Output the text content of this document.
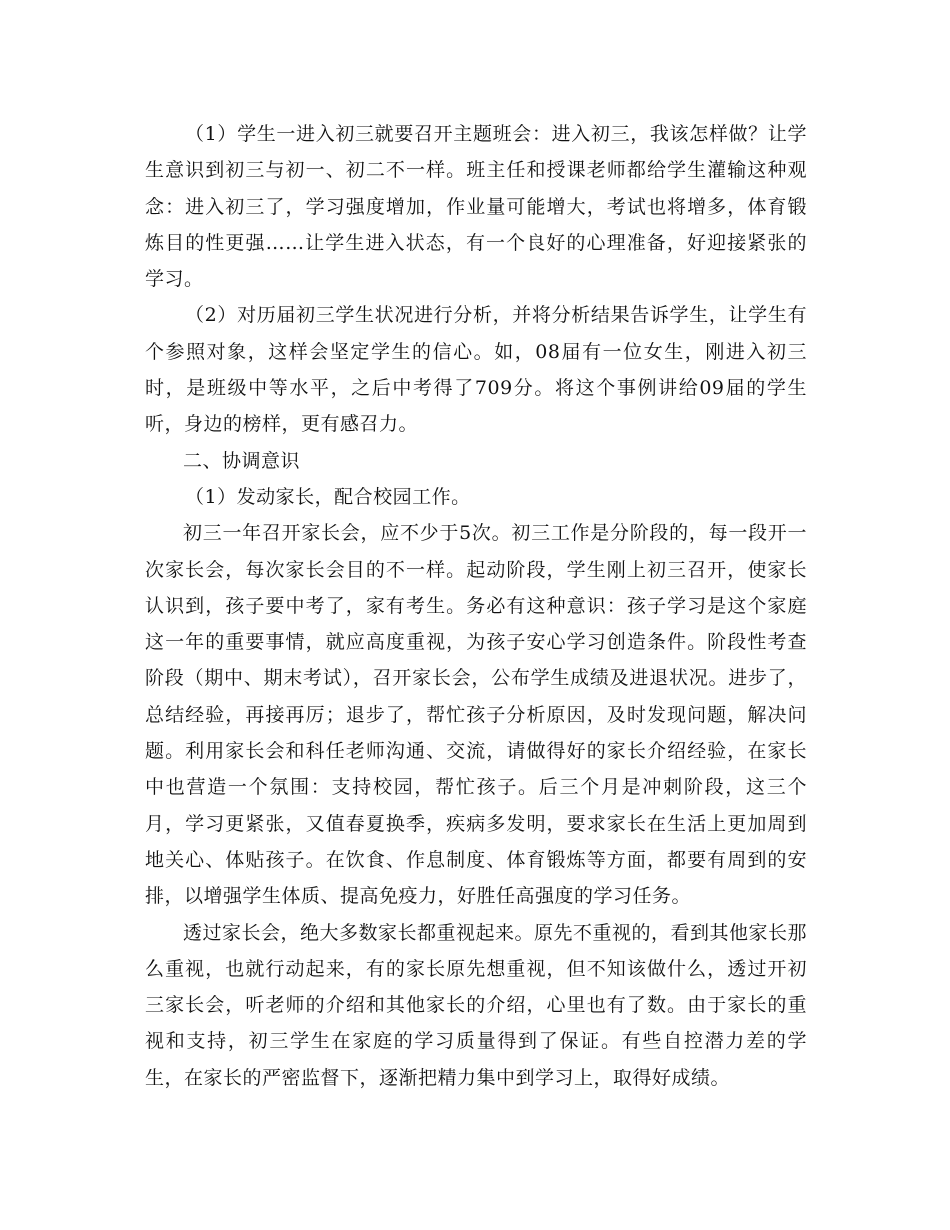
（1）学生一进入初三就要召开主题班会：进入初三，我该怎样做？让学生意识到初三与初一、初二不一样。班主任和授课老师都给学生灌输这种观念：进入初三了，学习强度增加，作业量可能增大，考试也将增多，体育锻炼目的性更强……让学生进入状态，有一个良好的心理准备，好迎接紧张的学习。

（2）对历届初三学生状况进行分析，并将分析结果告诉学生，让学生有个参照对象，这样会坚定学生的信心。如，08届有一位女生，刚进入初三时，是班级中等水平，之后中考得了709分。将这个事例讲给09届的学生听，身边的榜样，更有感召力。

二、协调意识

（1）发动家长，配合校园工作。

初三一年召开家长会，应不少于5次。初三工作是分阶段的，每一段开一次家长会，每次家长会目的不一样。起动阶段，学生刚上初三召开，使家长认识到，孩子要中考了，家有考生。务必有这种意识：孩子学习是这个家庭这一年的重要事情，就应高度重视，为孩子安心学习创造条件。阶段性考查阶段（期中、期末考试），召开家长会，公布学生成绩及进退状况。进步了，总结经验，再接再厉；退步了，帮忙孩子分析原因，及时发现问题，解决问题。利用家长会和科任老师沟通、交流，请做得好的家长介绍经验，在家长中也营造一个氛围：支持校园，帮忙孩子。后三个月是冲刺阶段，这三个月，学习更紧张，又值春夏换季，疾病多发明，要求家长在生活上更加周到地关心、体贴孩子。在饮食、作息制度、体育锻炼等方面，都要有周到的安排，以增强学生体质、提高免疫力，好胜任高强度的学习任务。

透过家长会，绝大多数家长都重视起来。原先不重视的，看到其他家长那么重视，也就行动起来，有的家长原先想重视，但不知该做什么，透过开初三家长会，听老师的介绍和其他家长的介绍，心里也有了数。由于家长的重视和支持，初三学生在家庭的学习质量得到了保证。有些自控潜力差的学生，在家长的严密监督下，逐渐把精力集中到学习上，取得好成绩。
